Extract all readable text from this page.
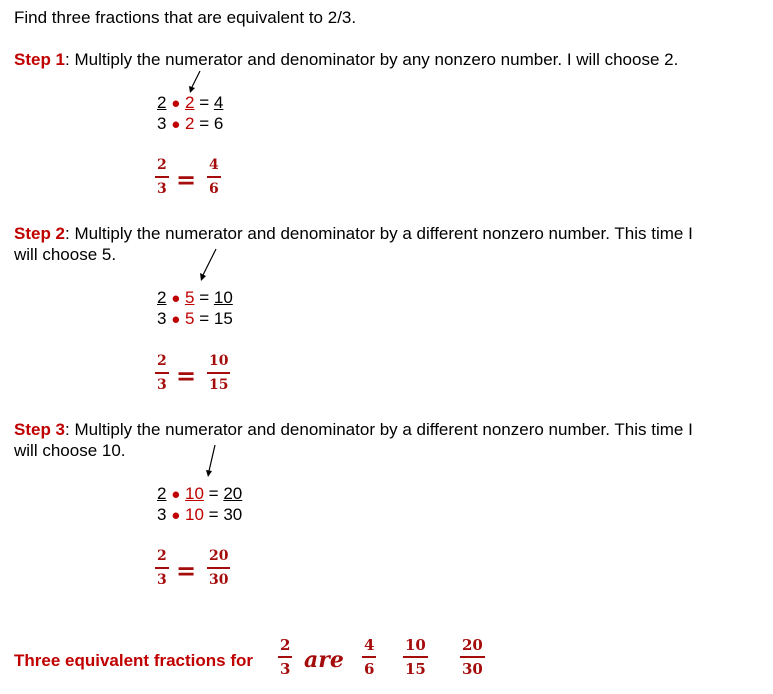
Find three fractions that are equivalent to 2/3.
Step 1: Multiply the numerator and denominator by any nonzero number. I will choose 2.
2 ● 2 = 4
3 ● 2 = 6
2
3 = 4
6
Step 2: Multiply the numerator and denominator by a different nonzero number. This time I
will choose 5.
2 ● 5 = 10
3 ● 5 = 15
2
3 = 10
15
Step 3: Multiply the numerator and denominator by a different nonzero number. This time I
will choose 10.
2 ● 10 = 20
3 ● 10 = 30
2
3 = 20
30
Three equivalent fractions for
2
3 are
4
6
10
15
20
30
